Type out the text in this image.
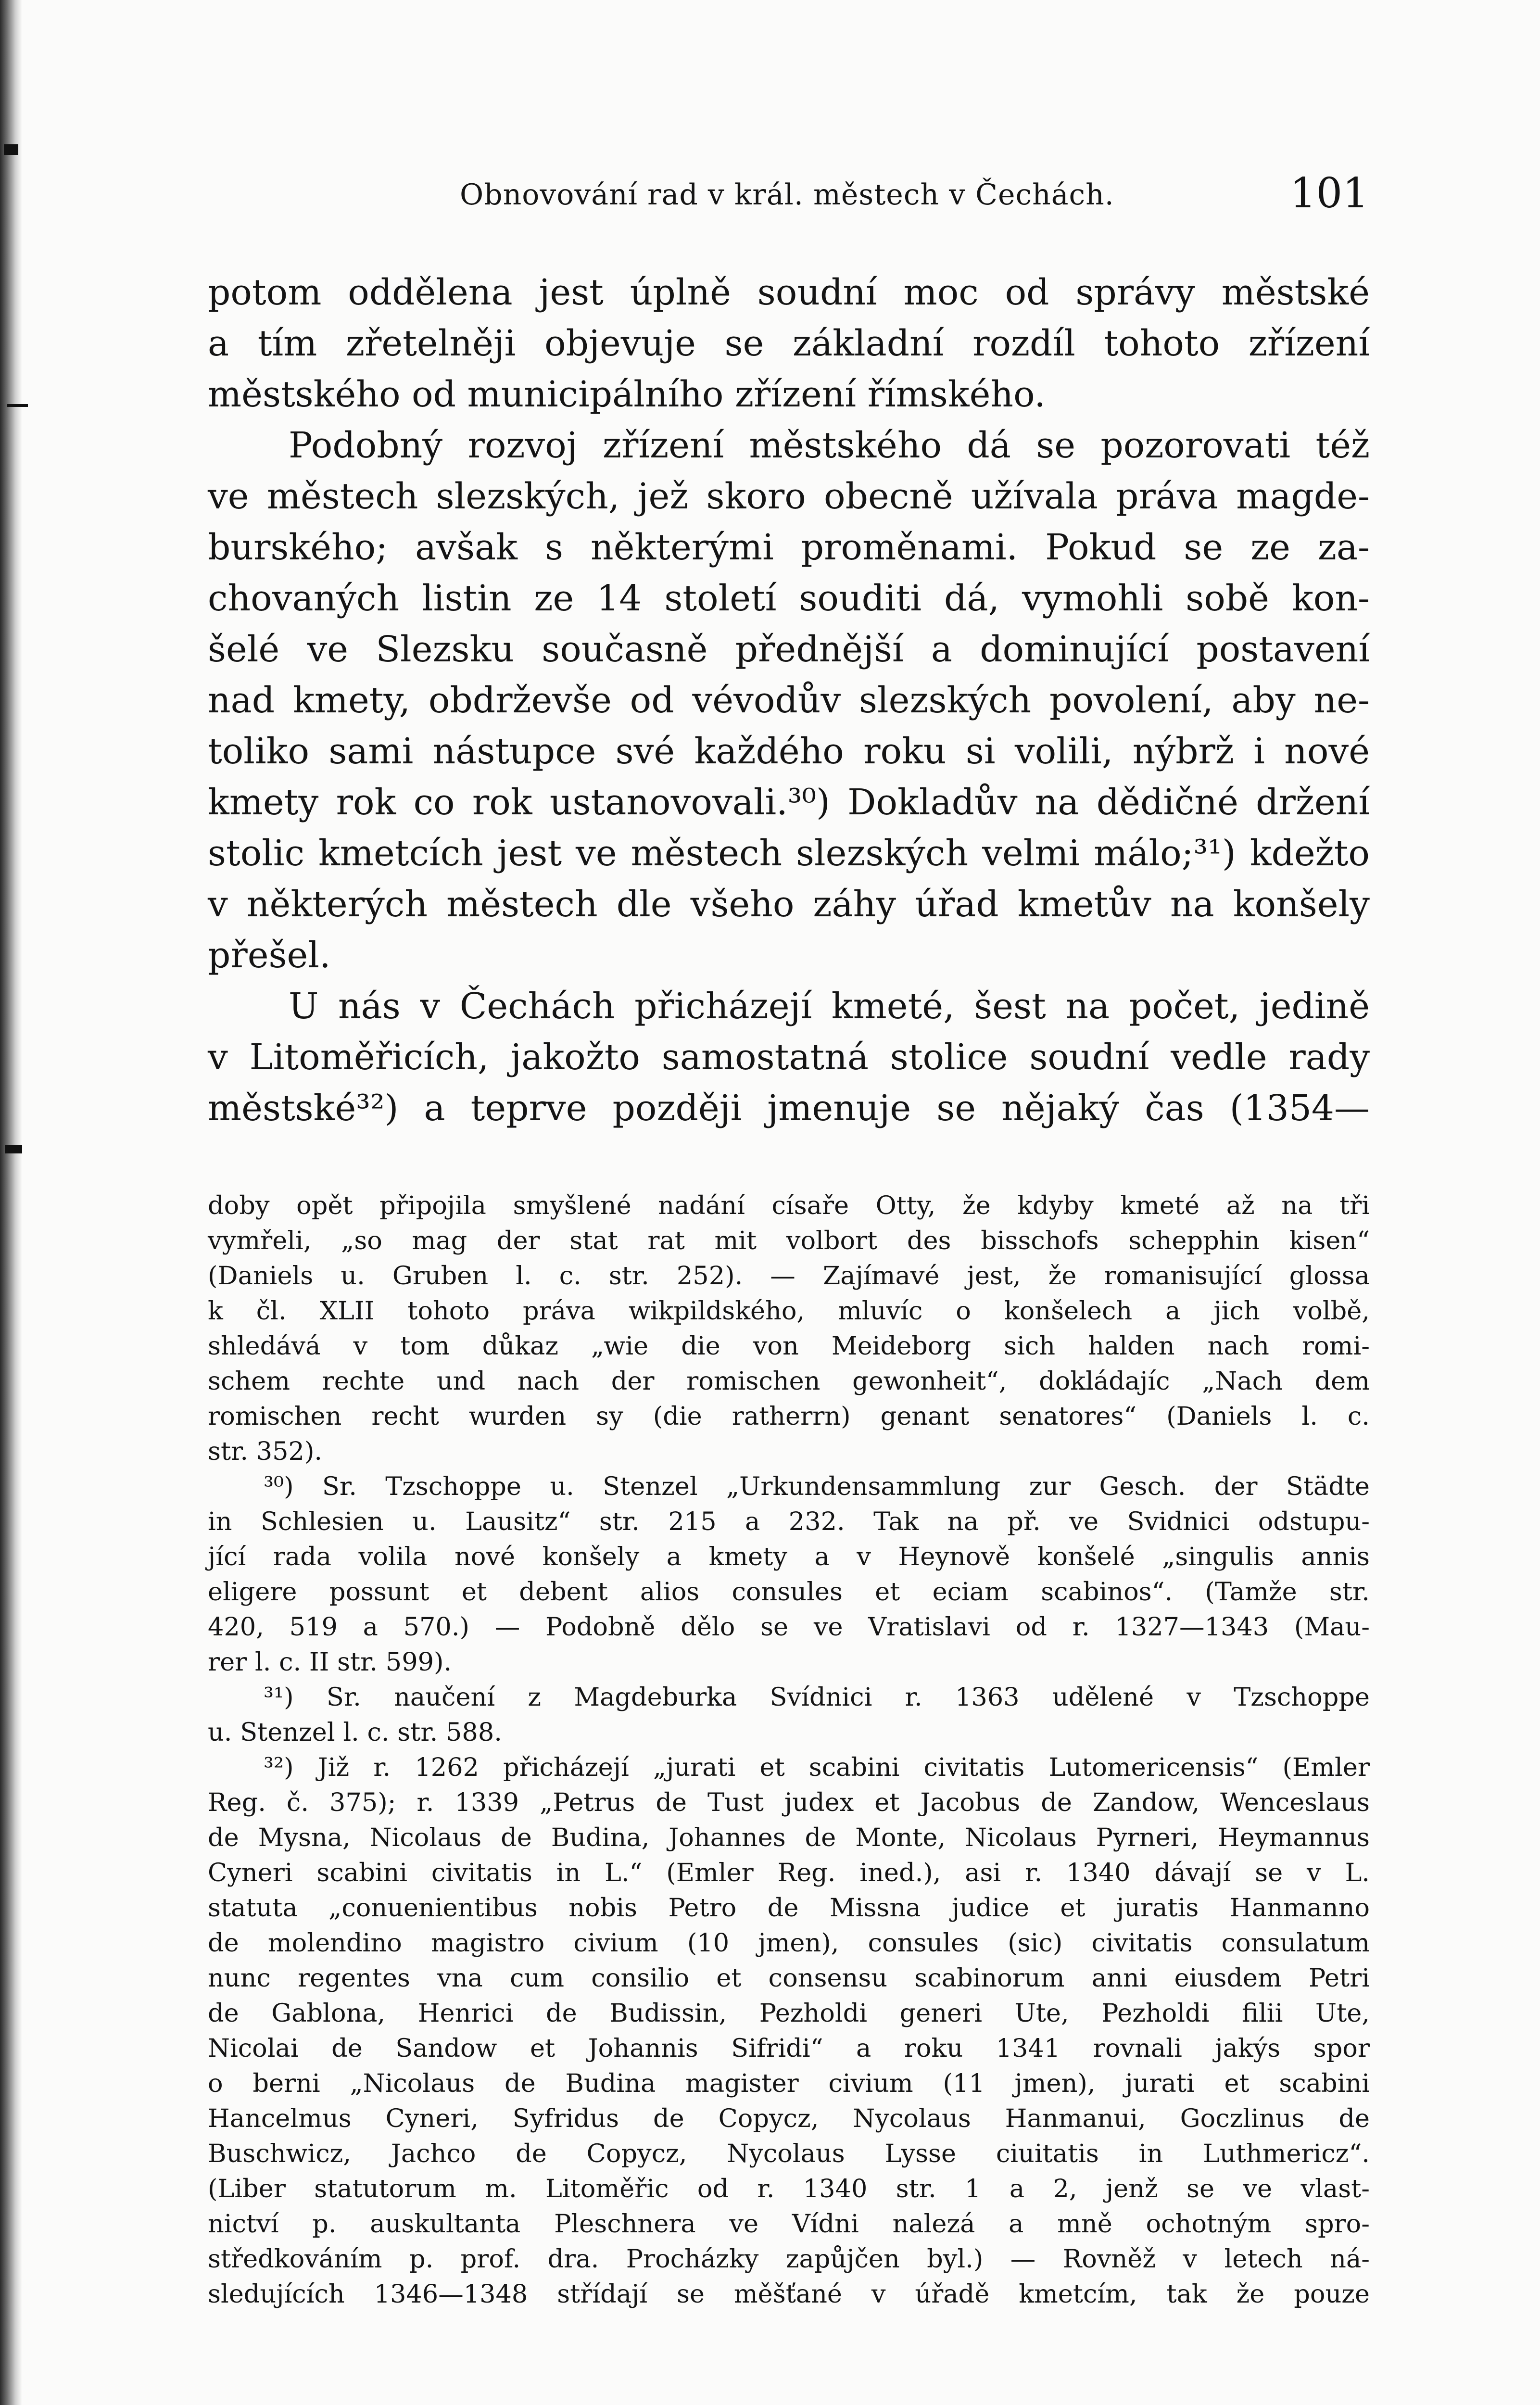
Obnovování rad v král. městech v Čechách.	101
potom oddělena jest úplně soudní moc od správy městské
a tím zřetelněji objevuje se základní rozdíl tohoto zřízení
městského od municipálního zřízení římského.
Podobný rozvoj zřízení městského dá se pozorovati též
ve městech slezských, jež skoro obecně užívala práva magde-
burského; avšak s některými proměnami. Pokud se ze za-
chovaných listin ze 14 století souditi dá, vymohli sobě kon-
šelé ve Slezsku současně přednější a dominující postavení
nad kmety, obdrževše od vévodův slezských povolení, aby ne-
toliko sami nástupce své každého roku si volili, nýbrž i nové
kmety rok co rok ustanovovali.³⁰) Dokladův na dědičné držení
stolic kmetcích jest ve městech slezských velmi málo;³¹) kdežto
v některých městech dle všeho záhy úřad kmetův na konšely
přešel.
U nás v Čechách přicházejí kmeté, šest na počet, jedině
v Litoměřicích, jakožto samostatná stolice soudní vedle rady
městské³²) a teprve později jmenuje se nějaký čas (1354—
doby opět připojila smyšlené nadání císaře Otty, že kdyby kmeté až na tři
vymřeli, „so mag der stat rat mit volbort des bisschofs schepphin kisen“
(Daniels u. Gruben l. c. str. 252). — Zajímavé jest, že romanisující glossa
k čl. XLII tohoto práva wikpildského, mluvíc o konšelech a jich volbě,
shledává v tom důkaz „wie die von Meideborg sich halden nach romi-
schem rechte und nach der romischen gewonheit“, dokládajíc „Nach dem
romischen recht wurden sy (die ratherrn) genant senatores“ (Daniels l. c.
str. 352).
³⁰) Sr. Tzschoppe u. Stenzel „Urkundensammlung zur Gesch. der Städte
in Schlesien u. Lausitz“ str. 215 a 232. Tak na př. ve Svidnici odstupu-
jící rada volila nové konšely a kmety a v Heynově konšelé „singulis annis
eligere possunt et debent alios consules et eciam scabinos“. (Tamže str.
420, 519 a 570.) — Podobně dělo se ve Vratislavi od r. 1327—1343 (Mau-
rer l. c. II str. 599).
³¹) Sr. naučení z Magdeburka Svídnici r. 1363 udělené v Tzschoppe
u. Stenzel l. c. str. 588.
³²) Již r. 1262 přicházejí „jurati et scabini civitatis Lutomericensis“ (Emler
Reg. č. 375); r. 1339 „Petrus de Tust judex et Jacobus de Zandow, Wenceslaus
de Mysna, Nicolaus de Budina, Johannes de Monte, Nicolaus Pyrneri, Heymannus
Cyneri scabini civitatis in L.“ (Emler Reg. ined.), asi r. 1340 dávají se v L.
statuta „conuenientibus nobis Petro de Missna judice et juratis Hanmanno
de molendino magistro civium (10 jmen), consules (sic) civitatis consulatum
nunc regentes vna cum consilio et consensu scabinorum anni eiusdem Petri
de Gablona, Henrici de Budissin, Pezholdi generi Ute, Pezholdi filii Ute,
Nicolai de Sandow et Johannis Sifridi“ a roku 1341 rovnali jakýs spor
o berni „Nicolaus de Budina magister civium (11 jmen), jurati et scabini
Hancelmus Cyneri, Syfridus de Copycz, Nycolaus Hanmanui, Goczlinus de
Buschwicz, Jachco de Copycz, Nycolaus Lysse ciuitatis in Luthmericz“.
(Liber statutorum m. Litoměřic od r. 1340 str. 1 a 2, jenž se ve vlast-
nictví p. auskultanta Pleschnera ve Vídni nalezá a mně ochotným spro-
středkováním p. prof. dra. Procházky zapůjčen byl.) — Rovněž v letech ná-
sledujících 1346—1348 střídají se měšťané v úřadě kmetcím, tak že pouze
